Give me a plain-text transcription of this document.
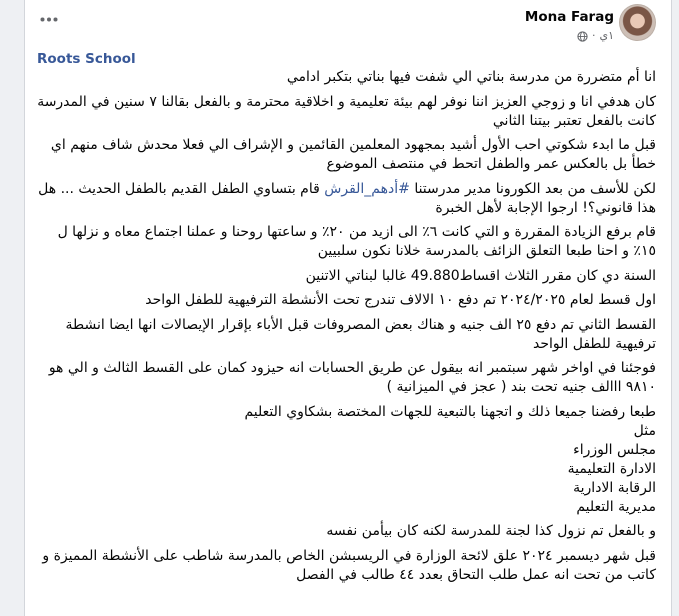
Mona Farag
١ي
·
Roots School

انا أم متضررة من مدرسة بناتي الي شفت فيها بناتي بتكبر ادامي

كان هدفي انا و زوجي العزيز اننا نوفر لهم بيئة تعليمية و اخلاقية محترمة و بالفعل بقالنا ٧ سنين في المدرسة كانت بالفعل تعتبر بيتنا الثاني

قبل ما ابدء شكوتي احب الأول أشيد بمجهود المعلمين القائمين و الإشراف الي فعلا محدش شاف منهم اي خطأ بل بالعكس عمر والطفل اتحط في منتصف الموضوع

لكن للأسف من بعد الكورونا مدير مدرستنا #أدهم_القرش قام بتساوي الطفل القديم بالطفل الحديث ... هل هذا قانوني؟! ارجوا الإجابة لأهل الخبرة

قام برفع الزيادة المقررة و التي كانت ٦٪ الى ازيد من ٢٠٪ و ساعتها روحنا و عملنا اجتماع معاه و نزلها ل ١٥٪ و احنا طبعا التعلق الزائف بالمدرسة خلانا نكون سلبيين

السنة دي كان مقرر الثلاث اقساط49.880 غالبا لبناتي الاتنين

اول قسط لعام ٢٠٢٤/٢٠٢٥ تم دفع ١٠ الالاف تندرج تحت الأنشطة الترفيهية للطفل الواحد

القسط الثاني تم دفع ٢٥ الف جنيه و هناك بعض المصروفات قبل الأباء بإقرار الإيصالات انها ايضا انشطة ترفيهية للطفل الواحد

فوجئنا في اواخر شهر سبتمبر انه بيقول عن طريق الحسابات انه حيزود كمان على القسط الثالث و الي هو ٩٨١٠ ااالف جنيه تحت بند ( عجز في الميزانية )

طبعا رفضنا جميعا ذلك و اتجهنا بالتبعية للجهات المختصة بشكاوي التعليم

مثل
مجلس الوزراء
الادارة التعليمية
الرقابة الادارية
مديرية التعليم

و بالفعل تم نزول كذا لجنة للمدرسة لكنه كان بيأمن نفسه

قبل شهر ديسمبر ٢٠٢٤ علق لائحة الوزارة في الريسبشن الخاص بالمدرسة شاطب على الأنشطة المميزة و كاتب من تحت انه عمل طلب التحاق بعدد ٤٤ طالب في الفصل
